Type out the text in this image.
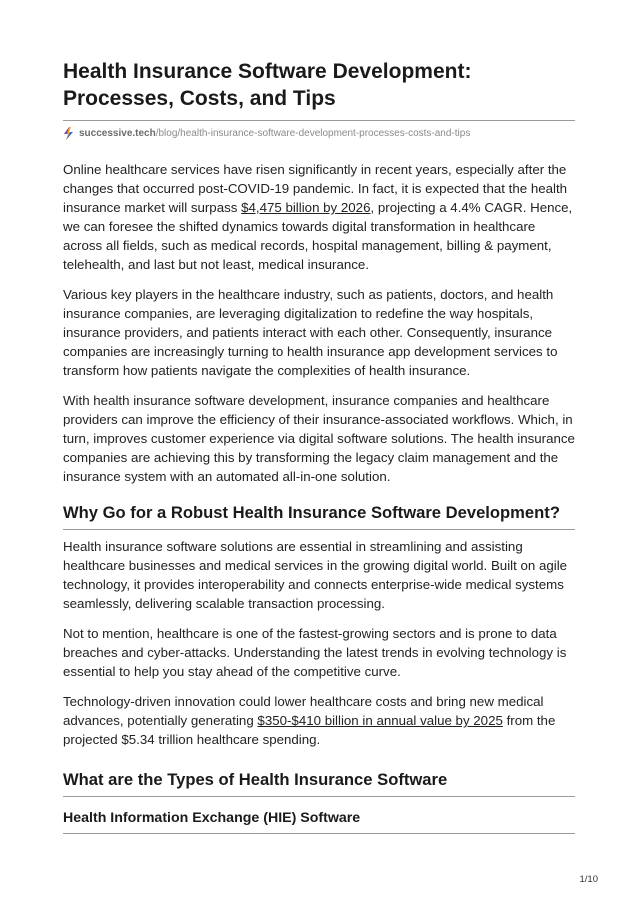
Health Insurance Software Development: Processes, Costs, and Tips
successive.tech/blog/health-insurance-software-development-processes-costs-and-tips

Online healthcare services have risen significantly in recent years, especially after the changes that occurred post-COVID-19 pandemic. In fact, it is expected that the health insurance market will surpass $4,475 billion by 2026, projecting a 4.4% CAGR. Hence, we can foresee the shifted dynamics towards digital transformation in healthcare across all fields, such as medical records, hospital management, billing & payment, telehealth, and last but not least, medical insurance.

Various key players in the healthcare industry, such as patients, doctors, and health insurance companies, are leveraging digitalization to redefine the way hospitals, insurance providers, and patients interact with each other. Consequently, insurance companies are increasingly turning to health insurance app development services to transform how patients navigate the complexities of health insurance.

With health insurance software development, insurance companies and healthcare providers can improve the efficiency of their insurance-associated workflows. Which, in turn, improves customer experience via digital software solutions. The health insurance companies are achieving this by transforming the legacy claim management and the insurance system with an automated all-in-one solution.

Why Go for a Robust Health Insurance Software Development?

Health insurance software solutions are essential in streamlining and assisting healthcare businesses and medical services in the growing digital world. Built on agile technology, it provides interoperability and connects enterprise-wide medical systems seamlessly, delivering scalable transaction processing.

Not to mention, healthcare is one of the fastest-growing sectors and is prone to data breaches and cyber-attacks. Understanding the latest trends in evolving technology is essential to help you stay ahead of the competitive curve.

Technology-driven innovation could lower healthcare costs and bring new medical advances, potentially generating $350-$410 billion in annual value by 2025 from the projected $5.34 trillion healthcare spending.

What are the Types of Health Insurance Software
Health Information Exchange (HIE) Software
1/10
